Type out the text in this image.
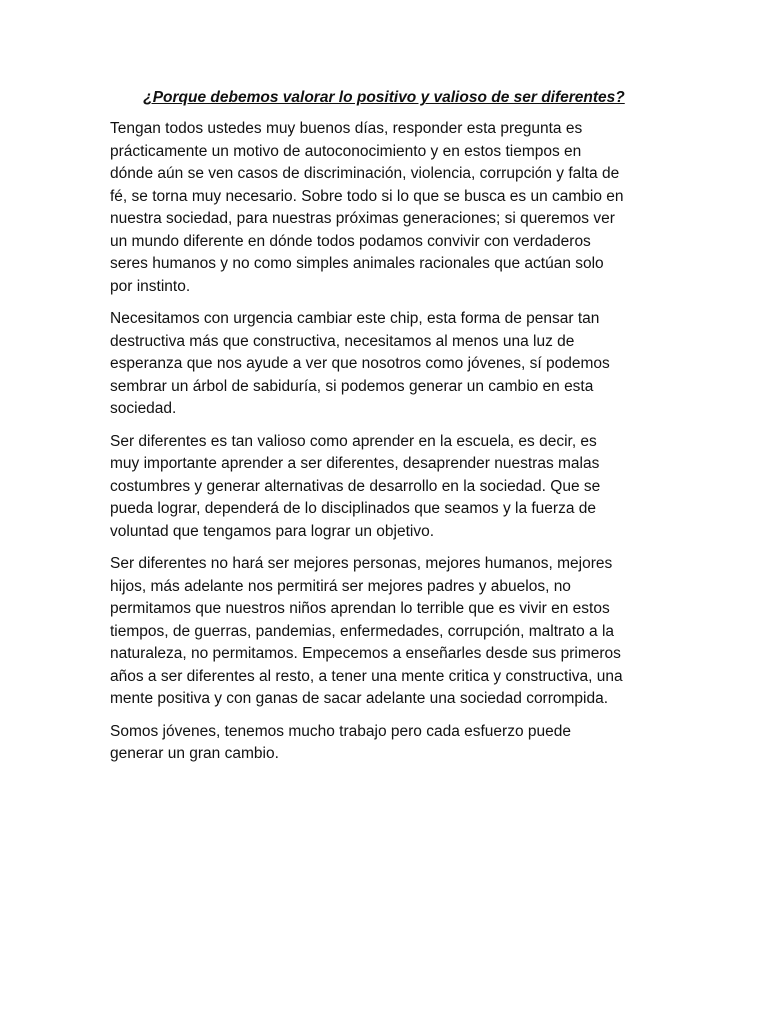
¿Porque debemos valorar lo positivo y valioso de ser diferentes?

Tengan todos ustedes muy buenos días, responder esta pregunta es
prácticamente un motivo de autoconocimiento y en estos tiempos en
dónde aún se ven casos de discriminación, violencia, corrupción y falta de
fé, se torna muy necesario. Sobre todo si lo que se busca es un cambio en
nuestra sociedad, para nuestras próximas generaciones; si queremos ver
un mundo diferente en dónde todos podamos convivir con verdaderos
seres humanos y no como simples animales racionales que actúan solo
por instinto.

Necesitamos con urgencia cambiar este chip, esta forma de pensar tan
destructiva más que constructiva, necesitamos al menos una luz de
esperanza que nos ayude a ver que nosotros como jóvenes, sí podemos
sembrar un árbol de sabiduría, si podemos generar un cambio en esta
sociedad.

Ser diferentes es tan valioso como aprender en la escuela, es decir, es
muy importante aprender a ser diferentes, desaprender nuestras malas
costumbres y generar alternativas de desarrollo en la sociedad. Que se
pueda lograr, dependerá de lo disciplinados que seamos y la fuerza de
voluntad que tengamos para lograr un objetivo.

Ser diferentes no hará ser mejores personas, mejores humanos, mejores
hijos, más adelante nos permitirá ser mejores padres y abuelos, no
permitamos que nuestros niños aprendan lo terrible que es vivir en estos
tiempos, de guerras, pandemias, enfermedades, corrupción, maltrato a la
naturaleza, no permitamos. Empecemos a enseñarles desde sus primeros
años a ser diferentes al resto, a tener una mente critica y constructiva, una
mente positiva y con ganas de sacar adelante una sociedad corrompida.

Somos jóvenes, tenemos mucho trabajo pero cada esfuerzo puede
generar un gran cambio.
